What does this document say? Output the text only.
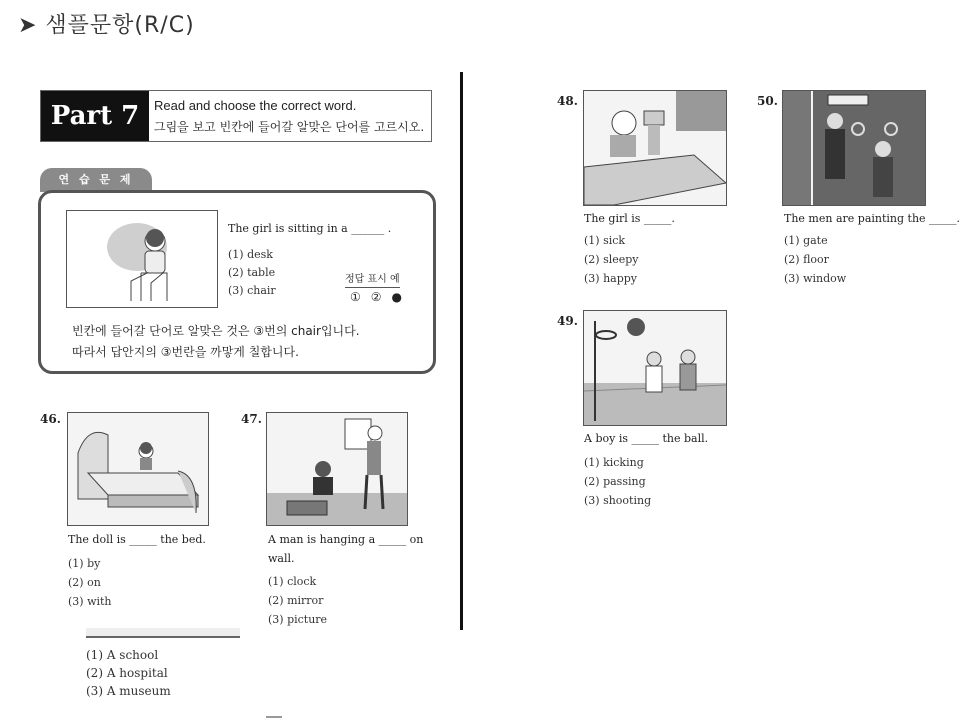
➤ 샘플문항(R/C)
Part 7	Read and choose the correct word.
그림을 보고 빈칸에 들어갈 알맞은 단어를 고르시오.
연 습 문 제
The girl is sitting in a ______ .
(1) desk
(2) table
(3) chair
정답 표시 예
① ② ●
빈칸에 들어갈 단어로 알맞은 것은 ③번의 chair입니다.
따라서 답안지의 ③번란을 까맣게 칠합니다.
46.
The doll is _____ the bed.
(1) by
(2) on
(3) with
47.
A man is hanging a _____ on
wall.
(1) clock
(2) mirror
(3) picture
(1) A school
(2) A hospital
(3) A museum
48.
The girl is _____.
(1) sick
(2) sleepy
(3) happy
50.
The men are painting the _____.
(1) gate
(2) floor
(3) window
49.
A boy is _____ the ball.
(1) kicking
(2) passing
(3) shooting
